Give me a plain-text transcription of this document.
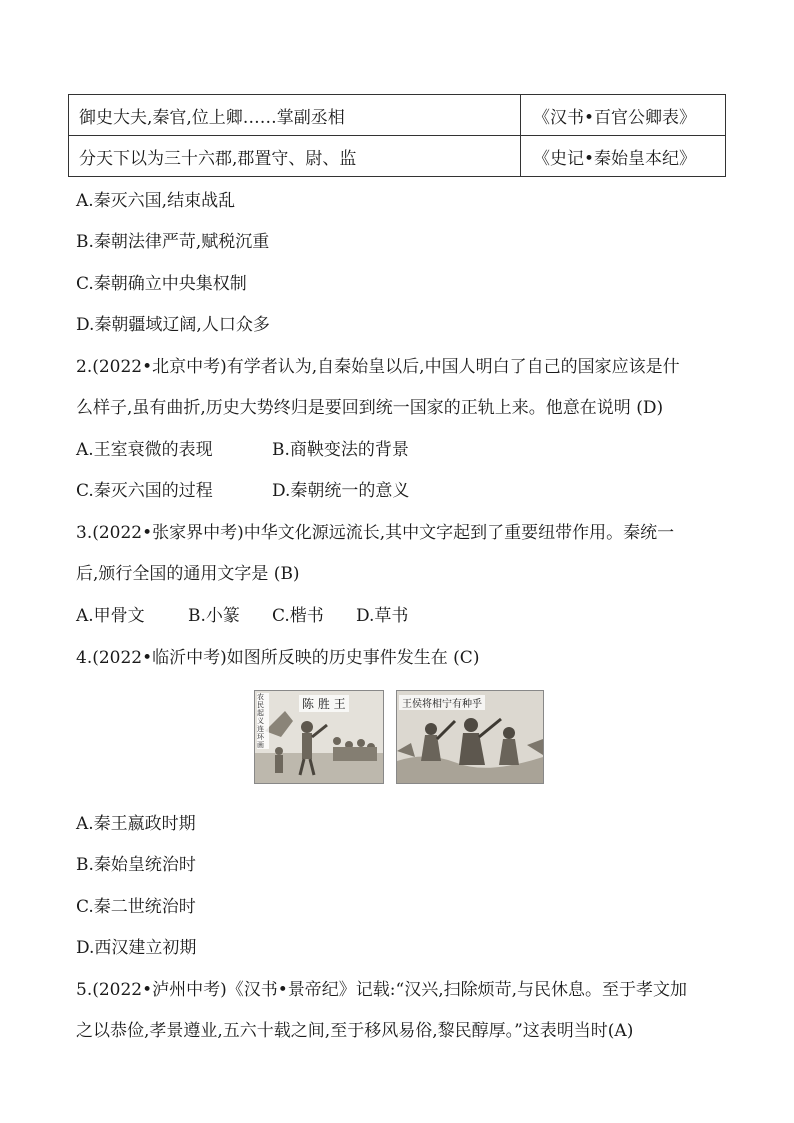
御史大夫,秦官,位上卿……掌副丞相	《汉书•百官公卿表》
分天下以为三十六郡,郡置守、尉、监	《史记•秦始皇本纪》
A.秦灭六国,结束战乱
B.秦朝法律严苛,赋税沉重
C.秦朝确立中央集权制
D.秦朝疆域辽阔,人口众多
2.(2022•北京中考)有学者认为,自秦始皇以后,中国人明白了自己的国家应该是什
么样子,虽有曲折,历史大势终归是要回到统一国家的正轨上来。他意在说明 (D)
A.王室衰微的表现	B.商鞅变法的背景
C.秦灭六国的过程	D.秦朝统一的意义
3.(2022•张家界中考)中华文化源远流长,其中文字起到了重要纽带作用。秦统一
后,颁行全国的通用文字是 (B)
A.甲骨文	B.小篆 C.楷书 D.草书
4.(2022•临沂中考)如图所反映的历史事件发生在 (C)
农民起义连环画
陈 胜 王	王侯将相宁有种乎
A.秦王嬴政时期
B.秦始皇统治时
C.秦二世统治时
D.西汉建立初期
5.(2022•泸州中考)《汉书•景帝纪》记载:“汉兴,扫除烦苛,与民休息。至于孝文加
之以恭俭,孝景遵业,五六十载之间,至于移风易俗,黎民醇厚。”这表明当时(A)
